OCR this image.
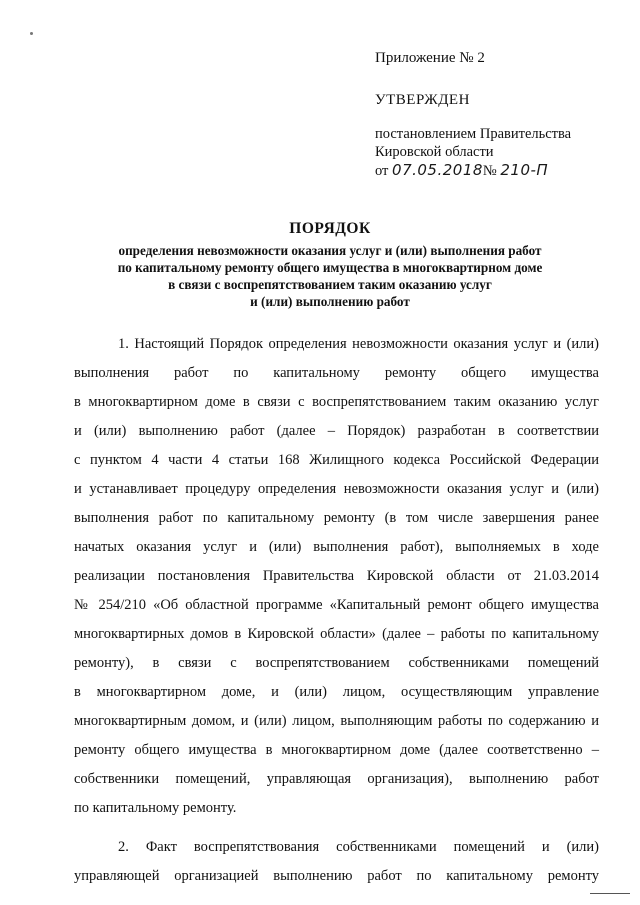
Приложение № 2
УТВЕРЖДЕН
постановлением Правительства
Кировской области
от 07.05.2018№ 210-П
ПОРЯДОК
определения невозможности оказания услуг и (или) выполнения работ
по капитальному ремонту общего имущества в многоквартирном доме
в связи с воспрепятствованием таким оказанию услуг
и (или) выполнению работ
1. Настоящий Порядок определения невозможности оказания услуг и (или)
выполнения работ по капитальному ремонту общего имущества
в многоквартирном доме в связи с воспрепятствованием таким оказанию услуг
и (или) выполнению работ (далее – Порядок) разработан в соответствии
с пунктом 4 части 4 статьи 168 Жилищного кодекса Российской Федерации
и устанавливает процедуру определения невозможности оказания услуг и (или)
выполнения работ по капитальному ремонту (в том числе завершения ранее
начатых оказания услуг и (или) выполнения работ), выполняемых в ходе
реализации постановления Правительства Кировской области от 21.03.2014
№ 254/210 «Об областной программе «Капитальный ремонт общего имущества
многоквартирных домов в Кировской области» (далее – работы по капитальному
ремонту), в связи с воспрепятствованием собственниками помещений
в многоквартирном доме, и (или) лицом, осуществляющим управление
многоквартирным домом, и (или) лицом, выполняющим работы по содержанию и
ремонту общего имущества в многоквартирном доме (далее соответственно –
собственники помещений, управляющая организация), выполнению работ
по капитальному ремонту.
2. Факт воспрепятствования собственниками помещений и (или)
управляющей организацией выполнению работ по капитальному ремонту
